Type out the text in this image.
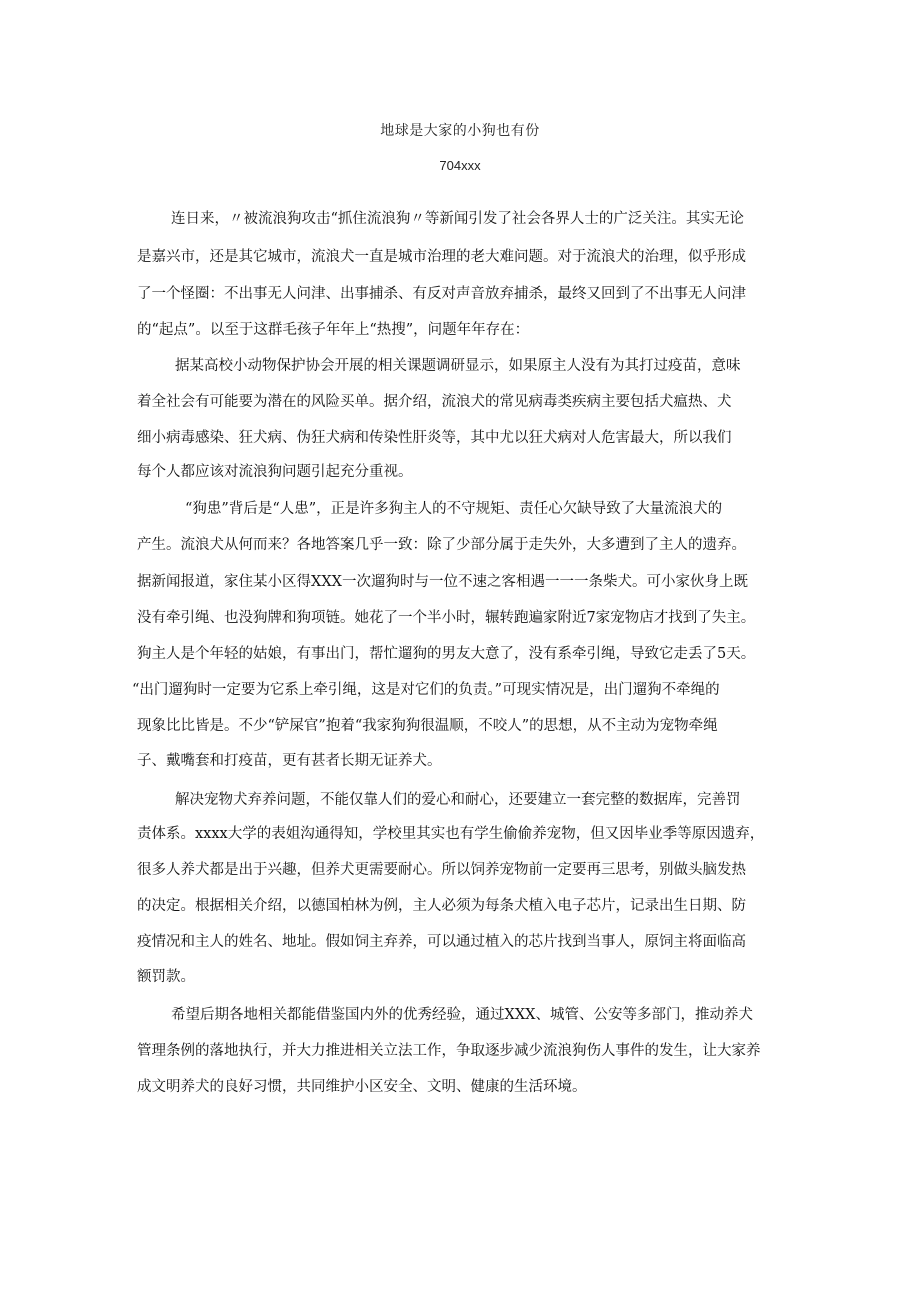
地球是大家的小狗也有份
704xxx
连日来，〃被流浪狗攻击“抓住流浪狗〃等新闻引发了社会各界人士的广泛关注。其实无论
是嘉兴市，还是其它城市，流浪犬一直是城市治理的老大难问题。对于流浪犬的治理，似乎形成
了一个怪圈：不出事无人问津、出事捕杀、有反对声音放弃捕杀，最终又回到了不出事无人问津
的“起点”。以至于这群毛孩子年年上“热搜”，问题年年存在：
据某高校小动物保护协会开展的相关课题调研显示，如果原主人没有为其打过疫苗，意味
着全社会有可能要为潜在的风险买单。据介绍，流浪犬的常见病毒类疾病主要包括犬瘟热、犬
细小病毒感染、狂犬病、伪狂犬病和传染性肝炎等，其中尤以狂犬病对人危害最大，所以我们
每个人都应该对流浪狗问题引起充分重视。
“狗患”背后是“人患”，正是许多狗主人的不守规矩、责任心欠缺导致了大量流浪犬的
产生。流浪犬从何而来？各地答案几乎一致：除了少部分属于走失外，大多遭到了主人的遗弃。
据新闻报道，家住某小区得XXX一次遛狗时与一位不速之客相遇一一一条柴犬。可小家伙身上既
没有牵引绳、也没狗牌和狗项链。她花了一个半小时，辗转跑遍家附近7家宠物店才找到了失主。
狗主人是个年轻的姑娘，有事出门，帮忙遛狗的男友大意了，没有系牵引绳，导致它走丢了5天。
“出门遛狗时一定要为它系上牵引绳，这是对它们的负责。”可现实情况是，出门遛狗不牵绳的
现象比比皆是。不少“铲屎官”抱着“我家狗狗很温顺，不咬人”的思想，从不主动为宠物牵绳
子、戴嘴套和打疫苗，更有甚者长期无证养犬。
解决宠物犬弃养问题，不能仅靠人们的爱心和耐心，还要建立一套完整的数据库，完善罚
责体系。xxxx大学的表姐沟通得知，学校里其实也有学生偷偷养宠物，但又因毕业季等原因遗弃，
很多人养犬都是出于兴趣，但养犬更需要耐心。所以饲养宠物前一定要再三思考，别做头脑发热
的决定。根据相关介绍，以德国柏林为例，主人必须为每条犬植入电子芯片，记录出生日期、防
疫情况和主人的姓名、地址。假如饲主弃养，可以通过植入的芯片找到当事人，原饲主将面临高
额罚款。
希望后期各地相关都能借鉴国内外的优秀经验，通过XXX、城管、公安等多部门，推动养犬
管理条例的落地执行，并大力推进相关立法工作，争取逐步减少流浪狗伤人事件的发生，让大家养
成文明养犬的良好习惯，共同维护小区安全、文明、健康的生活环境。
